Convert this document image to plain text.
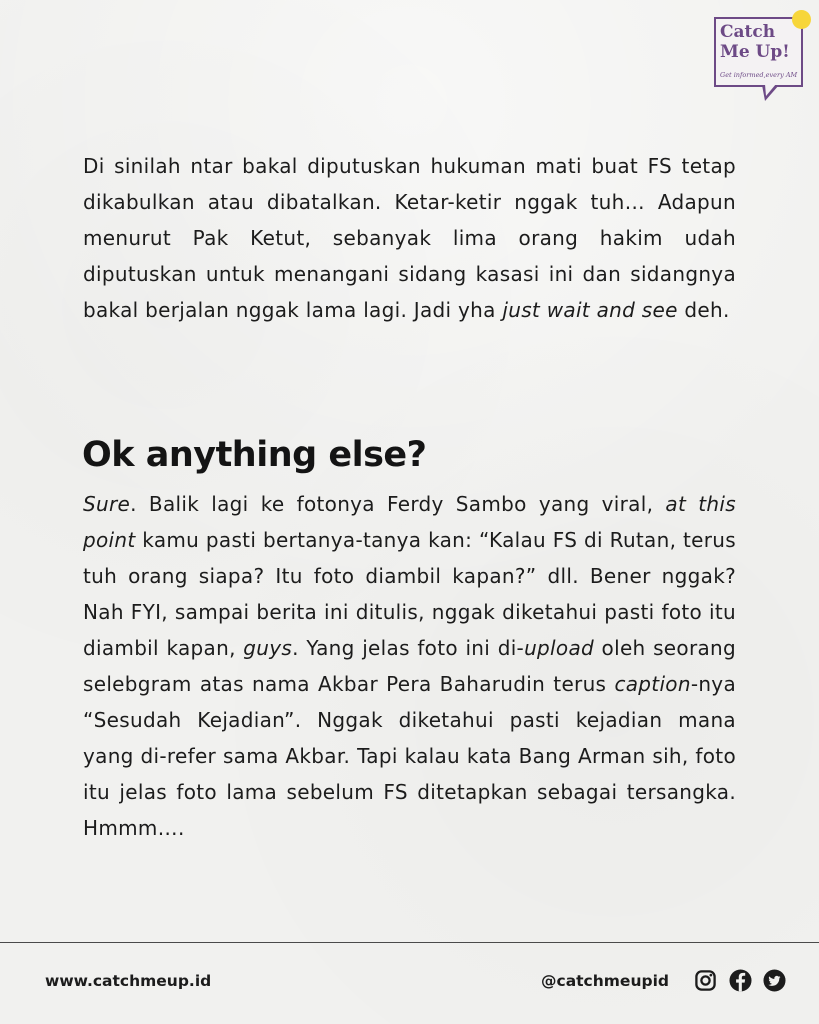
Catch
Me Up!
Get informed,every AM

Di sinilah ntar bakal diputuskan hukuman mati buat FS tetap dikabulkan atau dibatalkan. Ketar-ketir nggak tuh… Adapun menurut Pak Ketut, sebanyak lima orang hakim udah diputuskan untuk menangani sidang kasasi ini dan sidangnya bakal berjalan nggak lama lagi. Jadi yha just wait and see deh.

Ok anything else?

Sure. Balik lagi ke fotonya Ferdy Sambo yang viral, at this point kamu pasti bertanya-tanya kan: “Kalau FS di Rutan, terus tuh orang siapa? Itu foto diambil kapan?” dll. Bener nggak? Nah FYI, sampai berita ini ditulis, nggak diketahui pasti foto itu diambil kapan, guys. Yang jelas foto ini di-upload oleh seorang selebgram atas nama Akbar Pera Baharudin terus caption-nya “Sesudah Kejadian”. Nggak diketahui pasti kejadian mana yang di-refer sama Akbar. Tapi kalau kata Bang Arman sih, foto itu jelas foto lama sebelum FS ditetapkan sebagai tersangka. Hmmm….

www.catchmeup.id	@catchmeupid
